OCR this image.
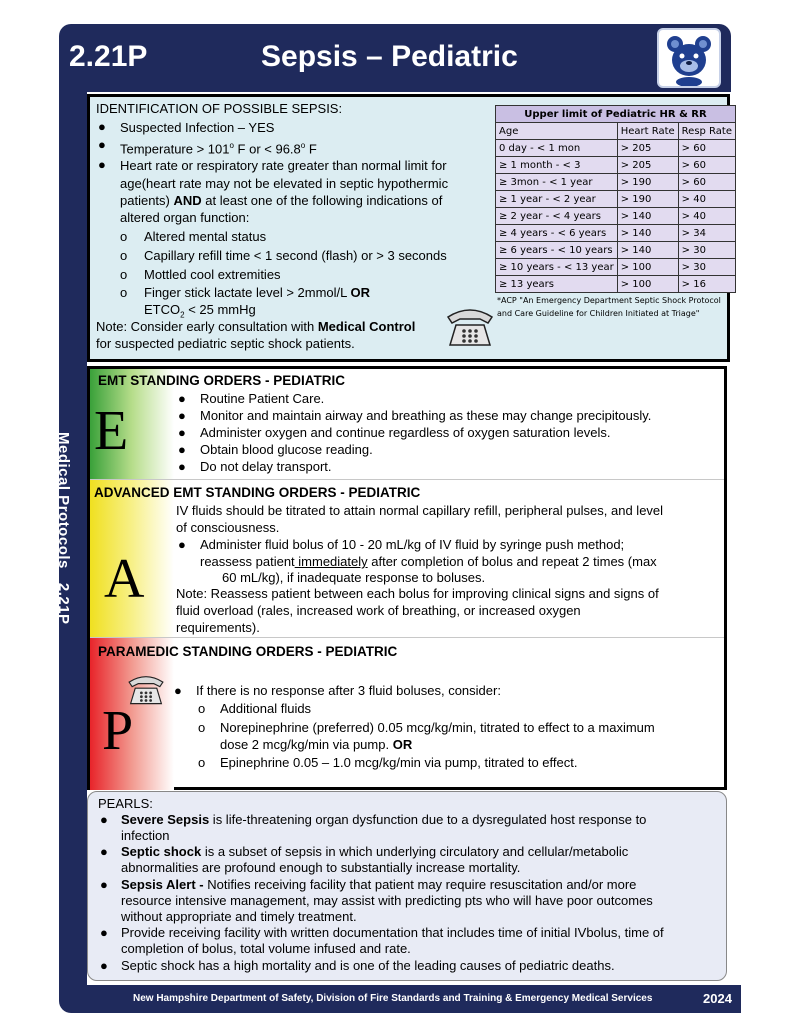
2.21P	Sepsis – Pediatric
Medical Protocols   2.21P
IDENTIFICATION OF POSSIBLE SEPSIS:
● Suspected Infection – YES
● Temperature > $101^o$ F or < $96.8^o$ F
● Heart rate or respiratory rate greater than normal limit for
age(heart rate may not be elevated in septic hypothermic
patients) AND at least one of the following indications of
altered organ function:
o Altered mental status
o Capillary refill time < 1 second (flash) or > 3 seconds
o Mottled cool extremities
o Finger stick lactate level > 2mmol/L OR
$ETCO_2 < 25$ mmHg
Note: Consider early consultation with Medical Control
for suspected pediatric septic shock patients.
Upper limit of Pediatric HR & RR		
Age	Heart Rate	Resp Rate
0 day - < 1 mon	> 205	> 60
≥ 1 month - < 3	> 205	> 60
≥ 3mon - < 1 year	> 190	> 60
≥ 1 year - < 2 year	> 190	> 40
≥ 2 year - < 4 years	> 140	> 40
≥ 4 years - < 6 years	> 140	> 34
≥ 6 years - < 10 years	> 140	> 30
≥ 10 years - < 13 year	> 100	> 30
≥ 13 years	> 100	> 16
*ACP "An Emergency Department Septic Shock Protocol
and Care Guideline for Children Initiated at Triage"
E
EMT STANDING ORDERS - PEDIATRIC
● Routine Patient Care.
● Monitor and maintain airway and breathing as these may change precipitously.
● Administer oxygen and continue regardless of oxygen saturation levels.
● Obtain blood glucose reading.
● Do not delay transport.
ADVANCED EMT STANDING ORDERS - PEDIATRIC
A
IV fluids should be titrated to attain normal capillary refill, peripheral pulses, and level
of consciousness.
● Administer fluid bolus of 10 - 20 mL/kg of IV fluid by syringe push method;
reassess patient immediately after completion of bolus and repeat 2 times (max
60 mL/kg), if inadequate response to boluses.
Note: Reassess patient between each bolus for improving clinical signs and signs of
fluid overload (rales, increased work of breathing, or increased oxygen
requirements).
PARAMEDIC STANDING ORDERS - PEDIATRIC
P
● If there is no response after 3 fluid boluses, consider:
o Additional fluids
o Norepinephrine (preferred) 0.05 mcg/kg/min, titrated to effect to a maximum
dose 2 mcg/kg/min via pump. OR
o Epinephrine 0.05 – 1.0 mcg/kg/min via pump, titrated to effect.
PEARLS:
● Severe Sepsis is life-threatening organ dysfunction due to a dysregulated host response to
infection
● Septic shock is a subset of sepsis in which underlying circulatory and cellular/metabolic
abnormalities are profound enough to substantially increase mortality.
● Sepsis Alert - Notifies receiving facility that patient may require resuscitation and/or more
resource intensive management, may assist with predicting pts who will have poor outcomes
without appropriate and timely treatment.
● Provide receiving facility with written documentation that includes time of initial IVbolus, time of
completion of bolus, total volume infused and rate.
● Septic shock has a high mortality and is one of the leading causes of pediatric deaths.
New Hampshire Department of Safety, Division of Fire Standards and Training & Emergency Medical Services	2024
